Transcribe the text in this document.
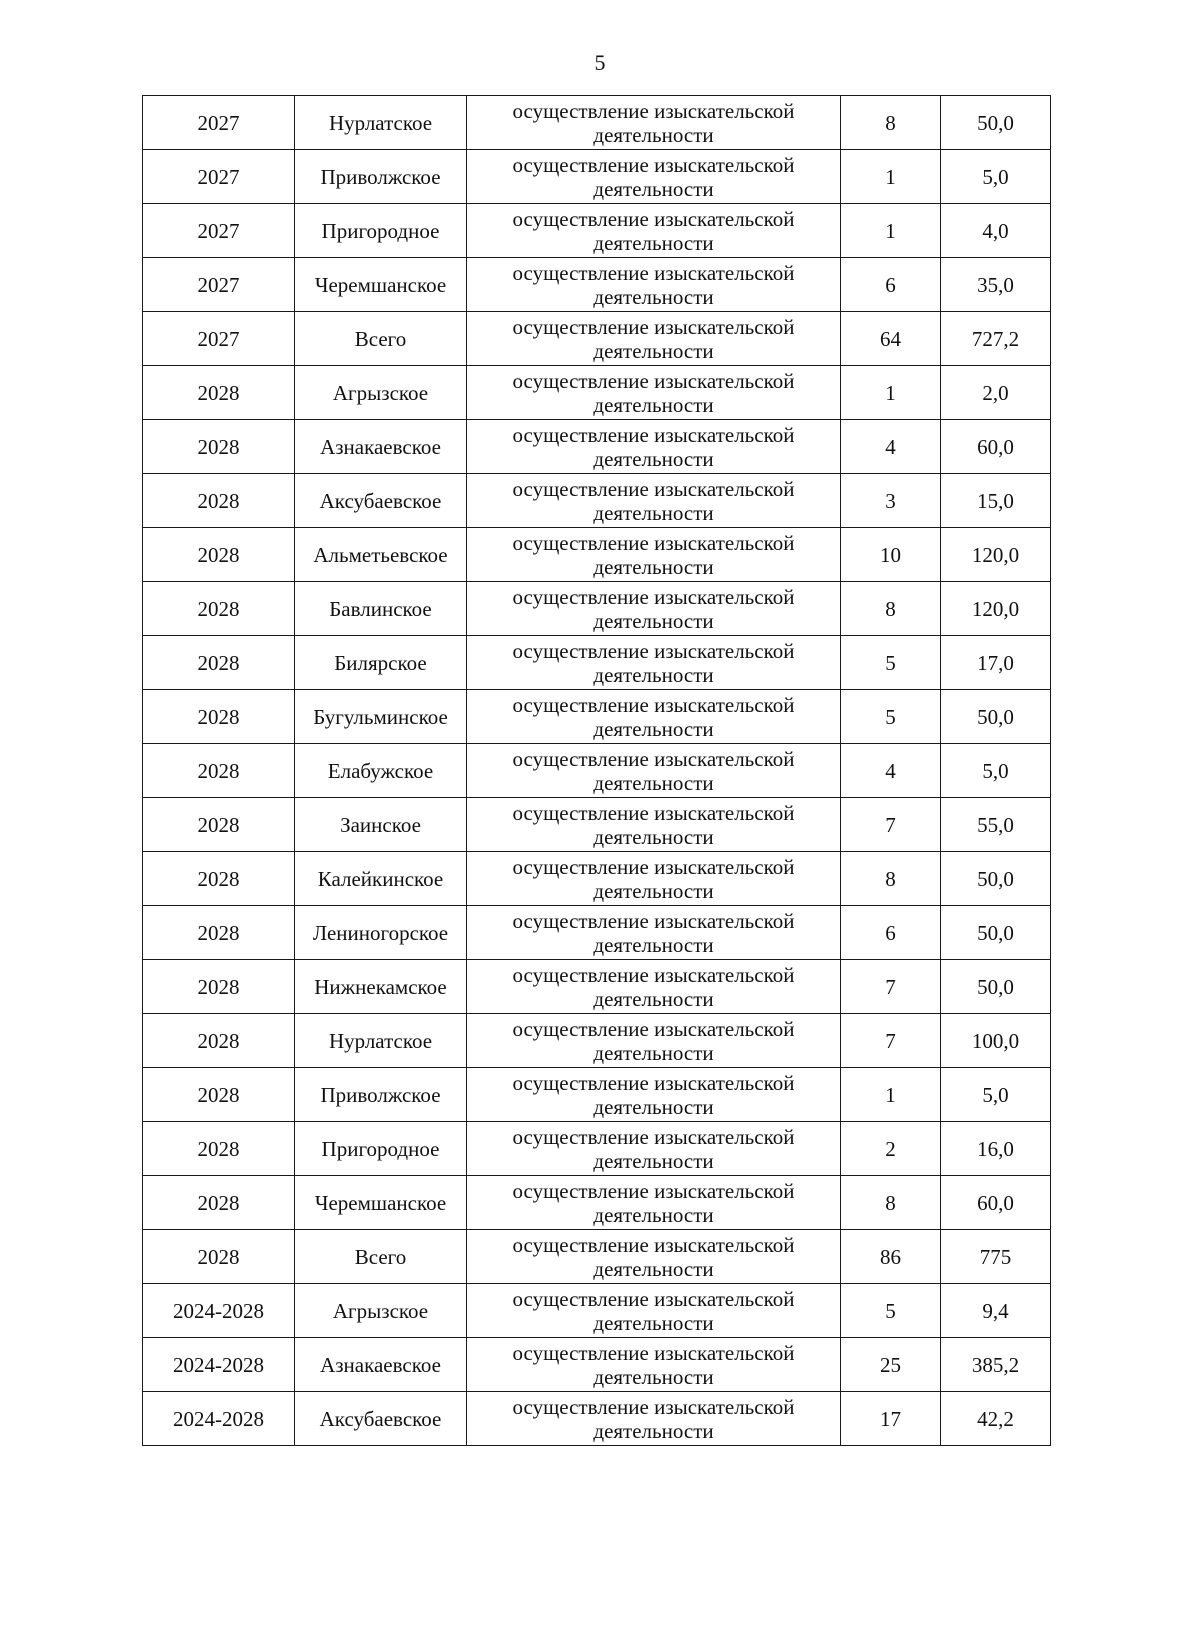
5
2027	Нурлатское	осуществление изыскательской
деятельности	8	50,0
2027	Приволжское	осуществление изыскательской
деятельности	1	5,0
2027	Пригородное	осуществление изыскательской
деятельности	1	4,0
2027	Черемшанское	осуществление изыскательской
деятельности	6	35,0
2027	Всего	осуществление изыскательской
деятельности	64	727,2
2028	Агрызское	осуществление изыскательской
деятельности	1	2,0
2028	Азнакаевское	осуществление изыскательской
деятельности	4	60,0
2028	Аксубаевское	осуществление изыскательской
деятельности	3	15,0
2028	Альметьевское	осуществление изыскательской
деятельности	10	120,0
2028	Бавлинское	осуществление изыскательской
деятельности	8	120,0
2028	Билярское	осуществление изыскательской
деятельности	5	17,0
2028	Бугульминское	осуществление изыскательской
деятельности	5	50,0
2028	Елабужское	осуществление изыскательской
деятельности	4	5,0
2028	Заинское	осуществление изыскательской
деятельности	7	55,0
2028	Калейкинское	осуществление изыскательской
деятельности	8	50,0
2028	Лениногорское	осуществление изыскательской
деятельности	6	50,0
2028	Нижнекамское	осуществление изыскательской
деятельности	7	50,0
2028	Нурлатское	осуществление изыскательской
деятельности	7	100,0
2028	Приволжское	осуществление изыскательской
деятельности	1	5,0
2028	Пригородное	осуществление изыскательской
деятельности	2	16,0
2028	Черемшанское	осуществление изыскательской
деятельности	8	60,0
2028	Всего	осуществление изыскательской
деятельности	86	775
2024-2028	Агрызское	осуществление изыскательской
деятельности	5	9,4
2024-2028	Азнакаевское	осуществление изыскательской
деятельности	25	385,2
2024-2028	Аксубаевское	осуществление изыскательской
деятельности	17	42,2
